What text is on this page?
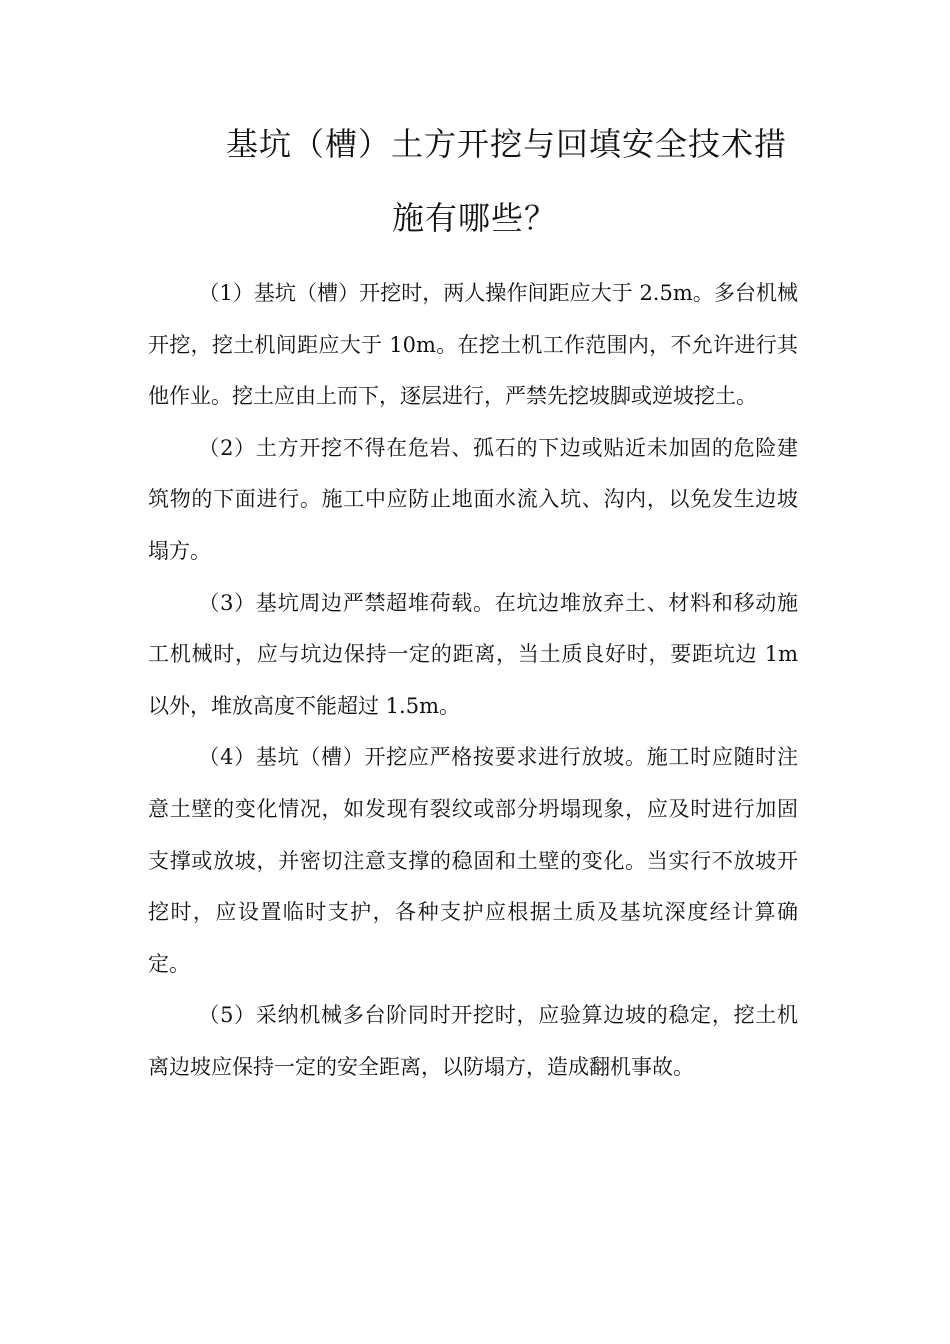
基坑（槽）土方开挖与回填安全技术措
施有哪些？

（1）基坑（槽）开挖时，两人操作间距应大于 2.5m。多台机械开挖，挖土机间距应大于 10m。在挖土机工作范围内，不允许进行其他作业。挖土应由上而下，逐层进行，严禁先挖坡脚或逆坡挖土。

（2）土方开挖不得在危岩、孤石的下边或贴近未加固的危险建筑物的下面进行。施工中应防止地面水流入坑、沟内，以免发生边坡塌方。

（3）基坑周边严禁超堆荷载。在坑边堆放弃土、材料和移动施工机械时，应与坑边保持一定的距离，当土质良好时，要距坑边 1m 以外，堆放高度不能超过 1.5m。

（4）基坑（槽）开挖应严格按要求进行放坡。施工时应随时注意土壁的变化情况，如发现有裂纹或部分坍塌现象，应及时进行加固支撑或放坡，并密切注意支撑的稳固和土壁的变化。当实行不放坡开挖时，应设置临时支护，各种支护应根据土质及基坑深度经计算确定。

（5）采纳机械多台阶同时开挖时，应验算边坡的稳定，挖土机离边坡应保持一定的安全距离，以防塌方，造成翻机事故。
